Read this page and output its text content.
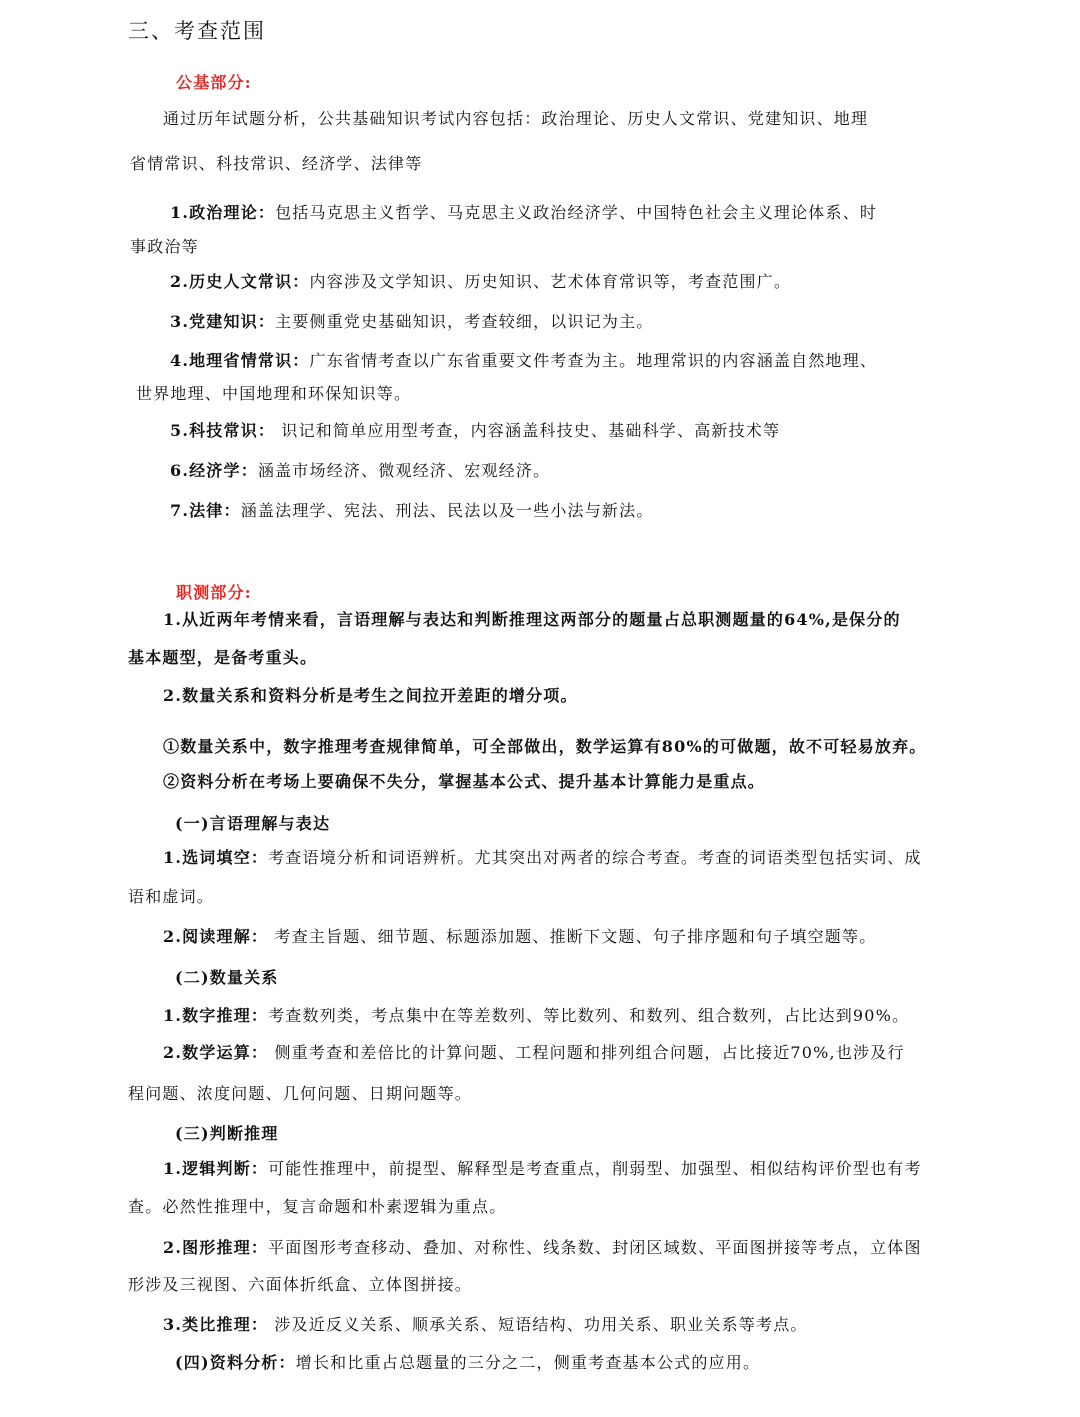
三、考查范围
公基部分:
通过历年试题分析，公共基础知识考试内容包括：政治理论、历史人文常识、党建知识、地理
省情常识、科技常识、经济学、法律等
1.政治理论：包括马克思主义哲学、马克思主义政治经济学、中国特色社会主义理论体系、时
事政治等
2.历史人文常识：内容涉及文学知识、历史知识、艺术体育常识等，考查范围广。
3.党建知识：主要侧重党史基础知识，考查较细，以识记为主。
4.地理省情常识：广东省情考查以广东省重要文件考查为主。地理常识的内容涵盖自然地理、
世界地理、中国地理和环保知识等。
5.科技常识： 识记和简单应用型考查，内容涵盖科技史、基础科学、高新技术等
6.经济学：涵盖市场经济、微观经济、宏观经济。
7.法律：涵盖法理学、宪法、刑法、民法以及一些小法与新法。
职测部分:
1.从近两年考情来看，言语理解与表达和判断推理这两部分的题量占总职测题量的64%,是保分的
基本题型，是备考重头。
2.数量关系和资料分析是考生之间拉开差距的增分项。
①数量关系中，数字推理考查规律简单，可全部做出，数学运算有80%的可做题，故不可轻易放弃。
②资料分析在考场上要确保不失分，掌握基本公式、提升基本计算能力是重点。
(一)言语理解与表达
1.选词填空：考查语境分析和词语辨析。尤其突出对两者的综合考查。考查的词语类型包括实词、成
语和虚词。
2.阅读理解： 考查主旨题、细节题、标题添加题、推断下文题、句子排序题和句子填空题等。
(二)数量关系
1.数字推理：考查数列类，考点集中在等差数列、等比数列、和数列、组合数列，占比达到90%。
2.数学运算： 侧重考查和差倍比的计算问题、工程问题和排列组合问题，占比接近70%,也涉及行
程问题、浓度问题、几何问题、日期问题等。
(三)判断推理
1.逻辑判断：可能性推理中，前提型、解释型是考查重点，削弱型、加强型、相似结构评价型也有考
查。必然性推理中，复言命题和朴素逻辑为重点。
2.图形推理：平面图形考查移动、叠加、对称性、线条数、封闭区域数、平面图拼接等考点，立体图
形涉及三视图、六面体折纸盒、立体图拼接。
3.类比推理： 涉及近反义关系、顺承关系、短语结构、功用关系、职业关系等考点。
(四)资料分析：增长和比重占总题量的三分之二，侧重考查基本公式的应用。
